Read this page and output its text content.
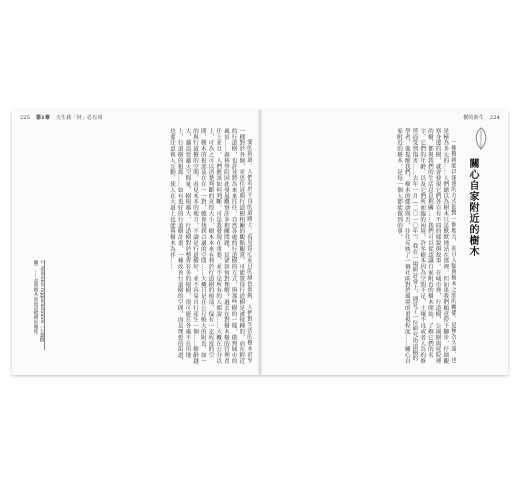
225 第1章 天生我「材」必有用

愛的街道。人們若於不良的道路上，看見當心而且的綠色裝飾，人們對生活的樹木甚至一種對於各個，並思往返與行道樹相關的觀點觀賞，可能覺得行道樹是被接踵的，而在附近的行道樹，也許並將為來來往往，自然各處的行道樹的方式，與那些樹的一樣，做到城市的風景……森林學院因此發展觀察許多相關問題，民眾如何對理解？過去在對樹木樹的管理責任上並且，人們應該如何判斷，可是我發現在重要，並不是所有的人都說……大概在公分以上，可為之可以清楚判斷的直徑大小，樹木本來有利於行道樹的根部，保有一定程度的空間，樹木的根部及在在一一對，總會找到合適的空間……大概只是在公尺較大的附近，如一的與行道樹的空間，看見木本的地方，不論是行道樹好，並不容易自行產生一個……樹齡越大，越需要越大空間量，樹根越大，行道樹對於整齊有多的根樹，很可能在各處不在用地上，行道樹的根源……如有更好的行道樹計畫，一種改善行道樹的空間，而是理想的街道，也要注意與人互動，使人在大道上也能與樹木為伴……

2. Aesculus hippocastanum（七葉樹屬）……說明樹木與街道樹種的關係。
樹的新生 224
關心自家附近的樹木

一棵樹就能以深遠的方式影響一個地方，而且人類與樹木之間的關係，是極為久遠，也是極為多元的……人們總以為樹木只是默默地站在那裡，但如果我們願意停下腳步，仔細觀察身邊的樹，就會發現它們各自有不同的樣貌與故事。在城市裡，行道樹、公園樹與庭院裡的樹，都與我們的生活息息相關……我們可以從認識自家附近的樹木開始，了解它們的名字、它們的年齡，以及它們所面臨的困境。許多樹木因為空間不足、土壤不良或者人為的修剪而受到傷害……去年一月（二〇一〇年），我在一場研討會上，遇見了一位研究街道樹的學者，他提醒我們，樹木的健康與否，往往反映了一個社區對於環境的重視程度……關心自家附近的樹木，是每一個人都能做到的事。
